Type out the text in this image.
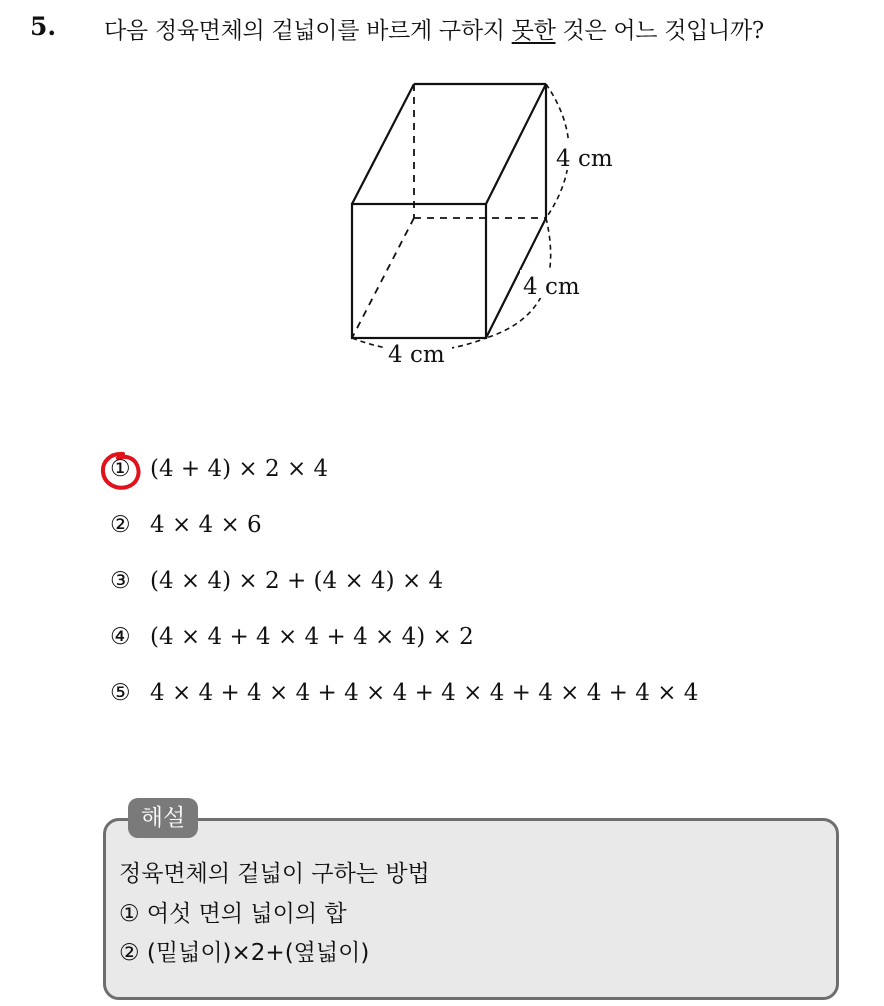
5. 다음 정육면체의 겉넓이를 바르게 구하지 못한 것은 어느 것입니까?
4 cm
4 cm
4 cm
① (4 + 4) × 2 × 4
② 4 × 4 × 6
③ (4 × 4) × 2 + (4 × 4) × 4
④ (4 × 4 + 4 × 4 + 4 × 4) × 2
⑤ 4 × 4 + 4 × 4 + 4 × 4 + 4 × 4 + 4 × 4 + 4 × 4
해설
정육면체의 겉넓이 구하는 방법
① 여섯 면의 넓이의 합
② (밑넓이)×2+(옆넓이)
